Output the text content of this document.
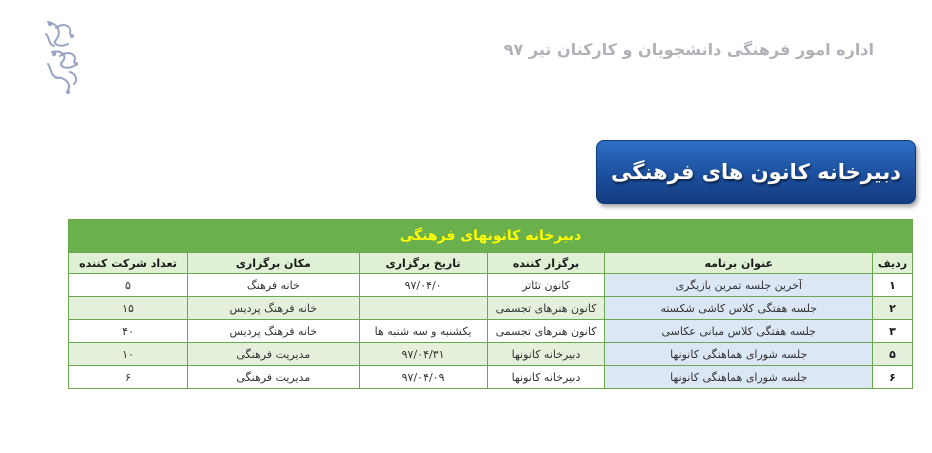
اداره امور فرهنگی دانشجویان و کارکنان تیر ۹۷
دبیرخانه کانون های فرهنگی
دبیرخانه کانونهای فرهنگی					
ردیف	عنوان برنامه	برگزار کننده	تاریخ برگزاری	مکان برگزاری	تعداد شرکت کننده
۱	آخرین جلسه تمرین بازیگری	کانون تئاتر	۹۷/۰۴/۰	خانه فرهنگ	۵
۲	جلسه هفتگی کلاس کاشی شکسته	کانون هنرهای تجسمی		خانه فرهنگ پردیس	۱۵
۳	جلسه هفتگی کلاس مبانی عکاسی	کانون هنرهای تجسمی	یکشنبه و سه شنبه ها	خانه فرهنگ پردیس	۴۰
۵	جلسه شورای هماهنگی کانونها	دبیرخانه کانونها	۹۷/۰۴/۳۱	مدیریت فرهنگی	۱۰
۶	جلسه شورای هماهنگی کانونها	دبیرخانه کانونها	۹۷/۰۴/۰۹	مدیریت فرهنگی	۶
